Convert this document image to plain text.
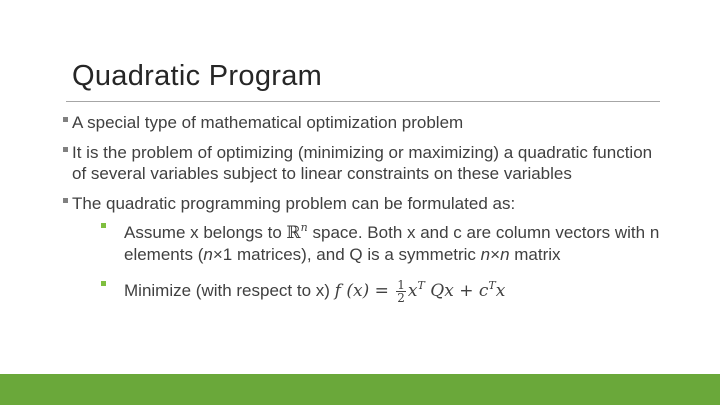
Quadratic Program
A special type of mathematical optimization problem
It is the problem of optimizing (minimizing or maximizing) a quadratic function of several variables subject to linear constraints on these variables
The quadratic programming problem can be formulated as:
Assume x belongs to ℝ$^n$ space. Both x and c are column vectors with n elements (n×1 matrices), and Q is a symmetric n×n matrix
Minimize (with respect to x) f $(x) = \frac{1}{2} x^T$ $Qx + c^Tx$
